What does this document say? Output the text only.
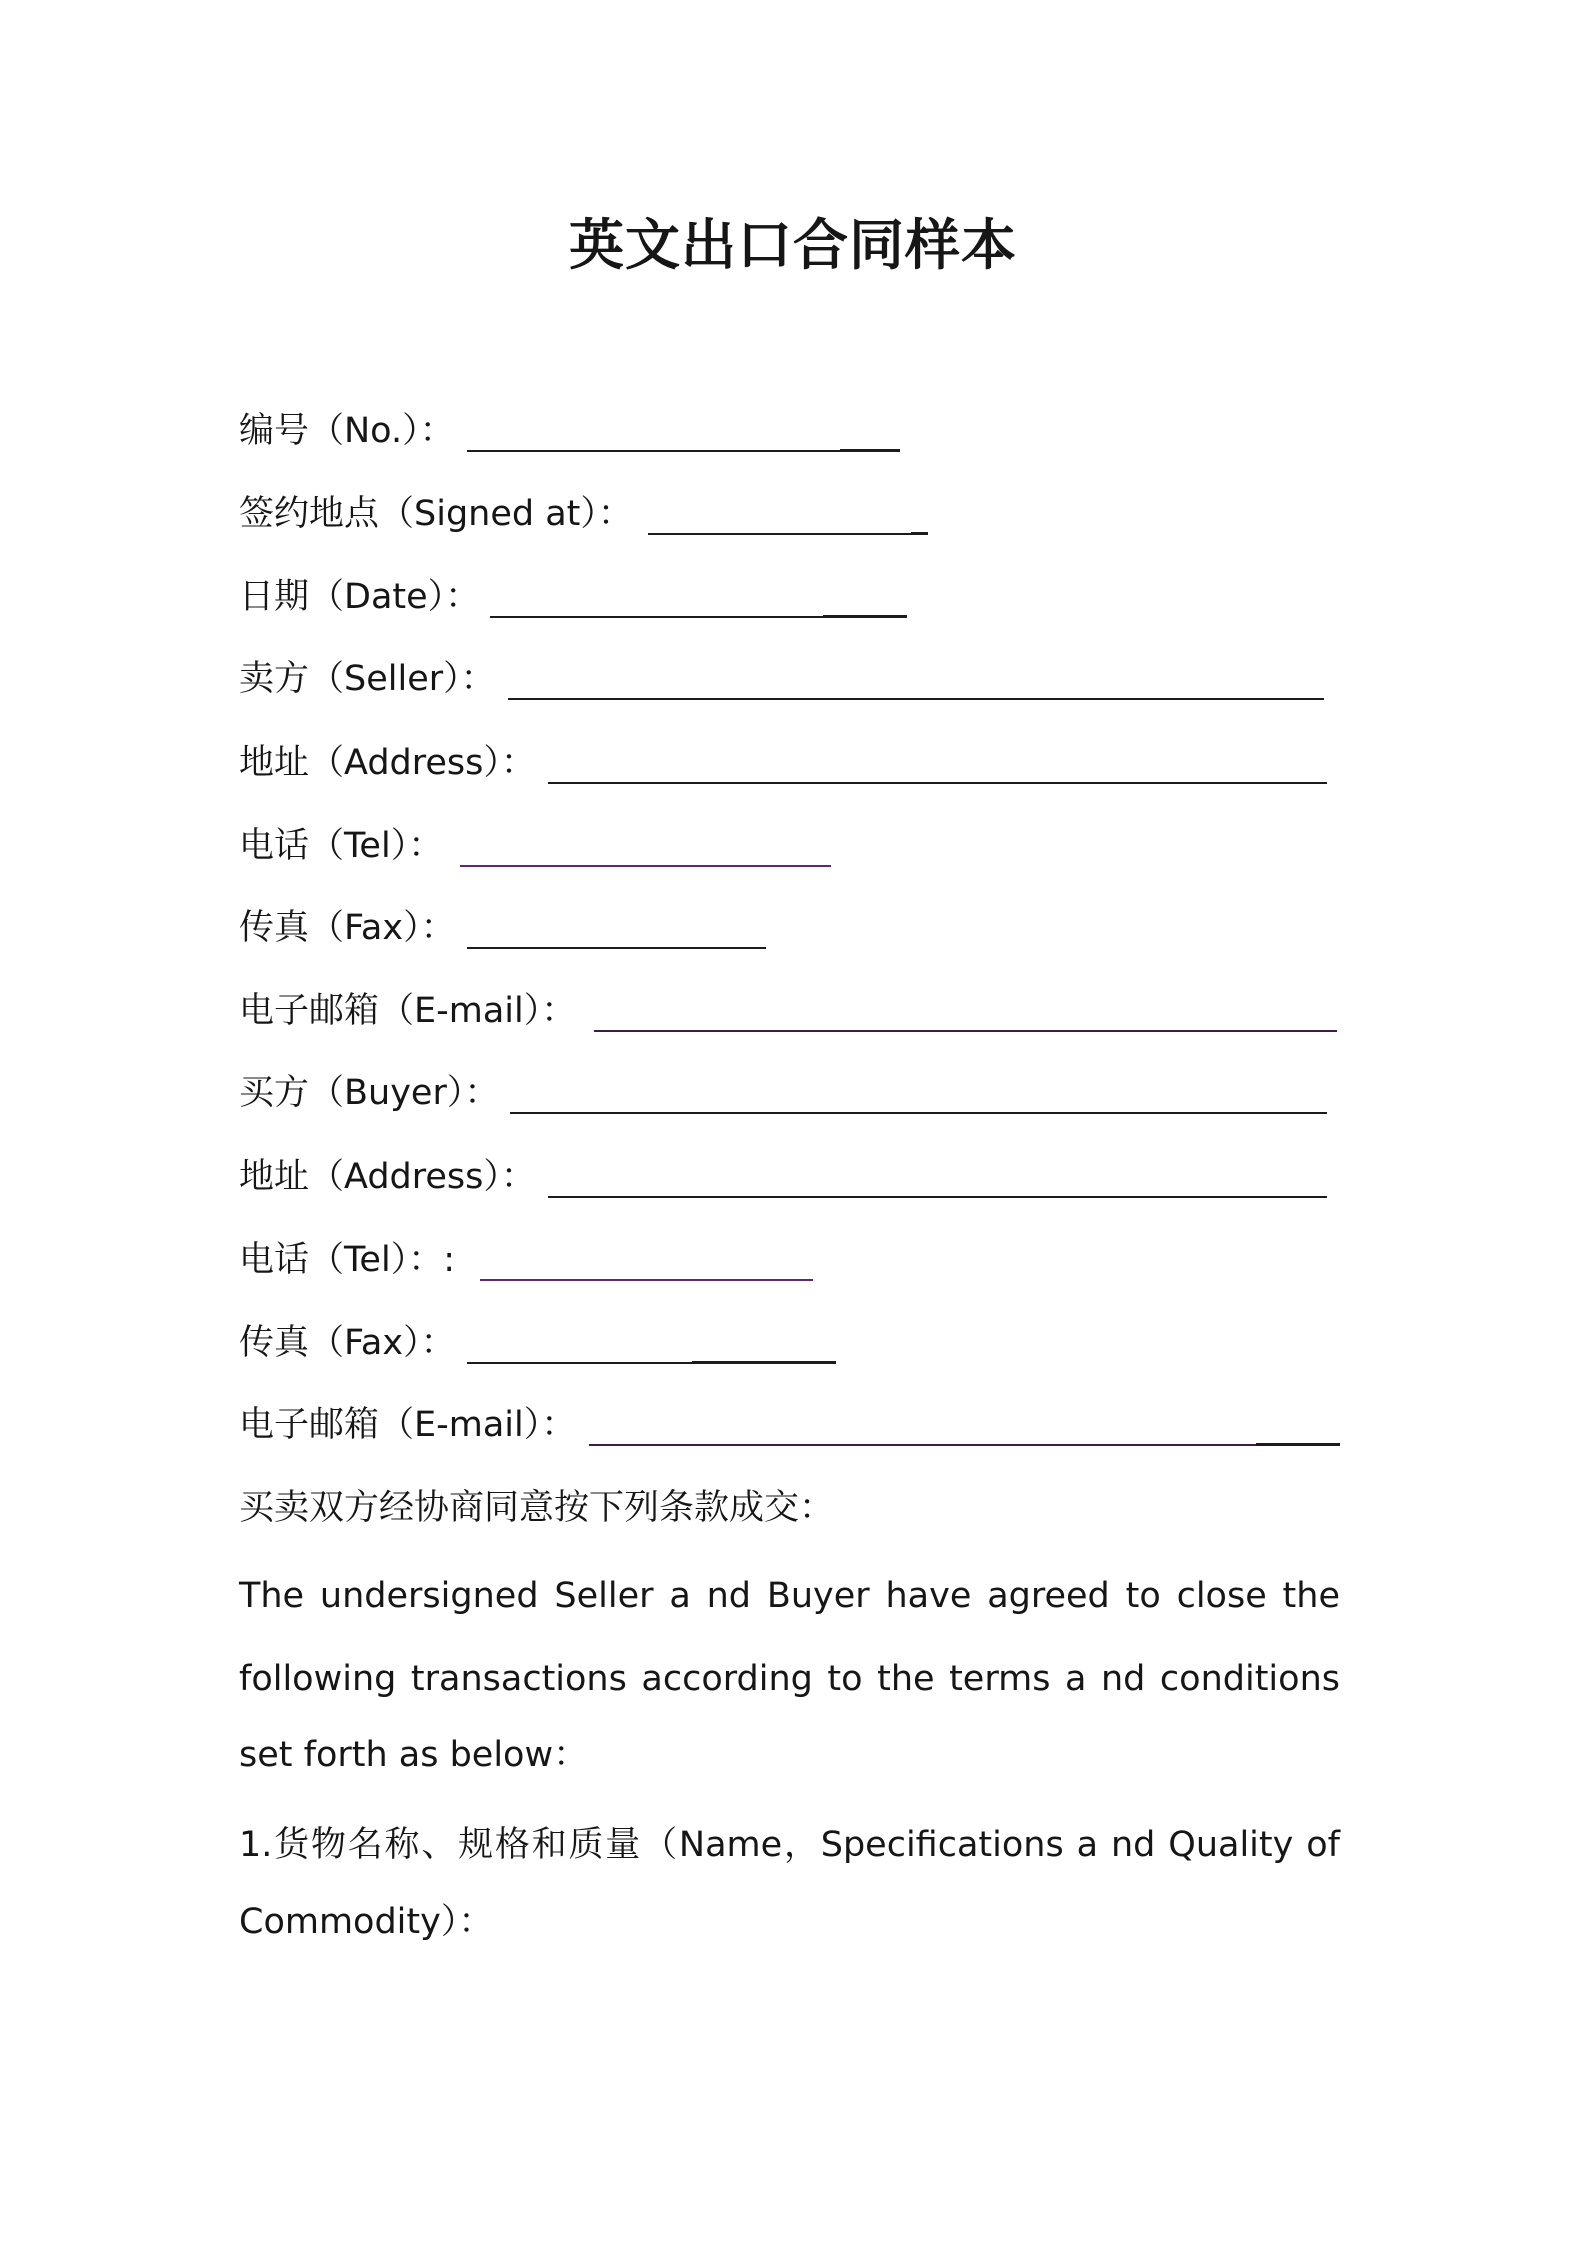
英文出口合同样本
编号（No.）：
签约地点（Signed at）：
日期（Date）：
卖方（Seller）：
地址（Address）：
电话（Tel）：
传真（Fax）：
电子邮箱（E-mail）：
买方（Buyer）：
地址（Address）：
电话（Tel）：:
传真（Fax）：
电子邮箱（E-mail）：
买卖双方经协商同意按下列条款成交：
The undersigned Seller a nd Buyer have agreed to close the
following transactions according to the terms a nd conditions
set forth as below：
1.货物名称、规格和质量（Name，Specifications a nd Quality of
Commodity）：
